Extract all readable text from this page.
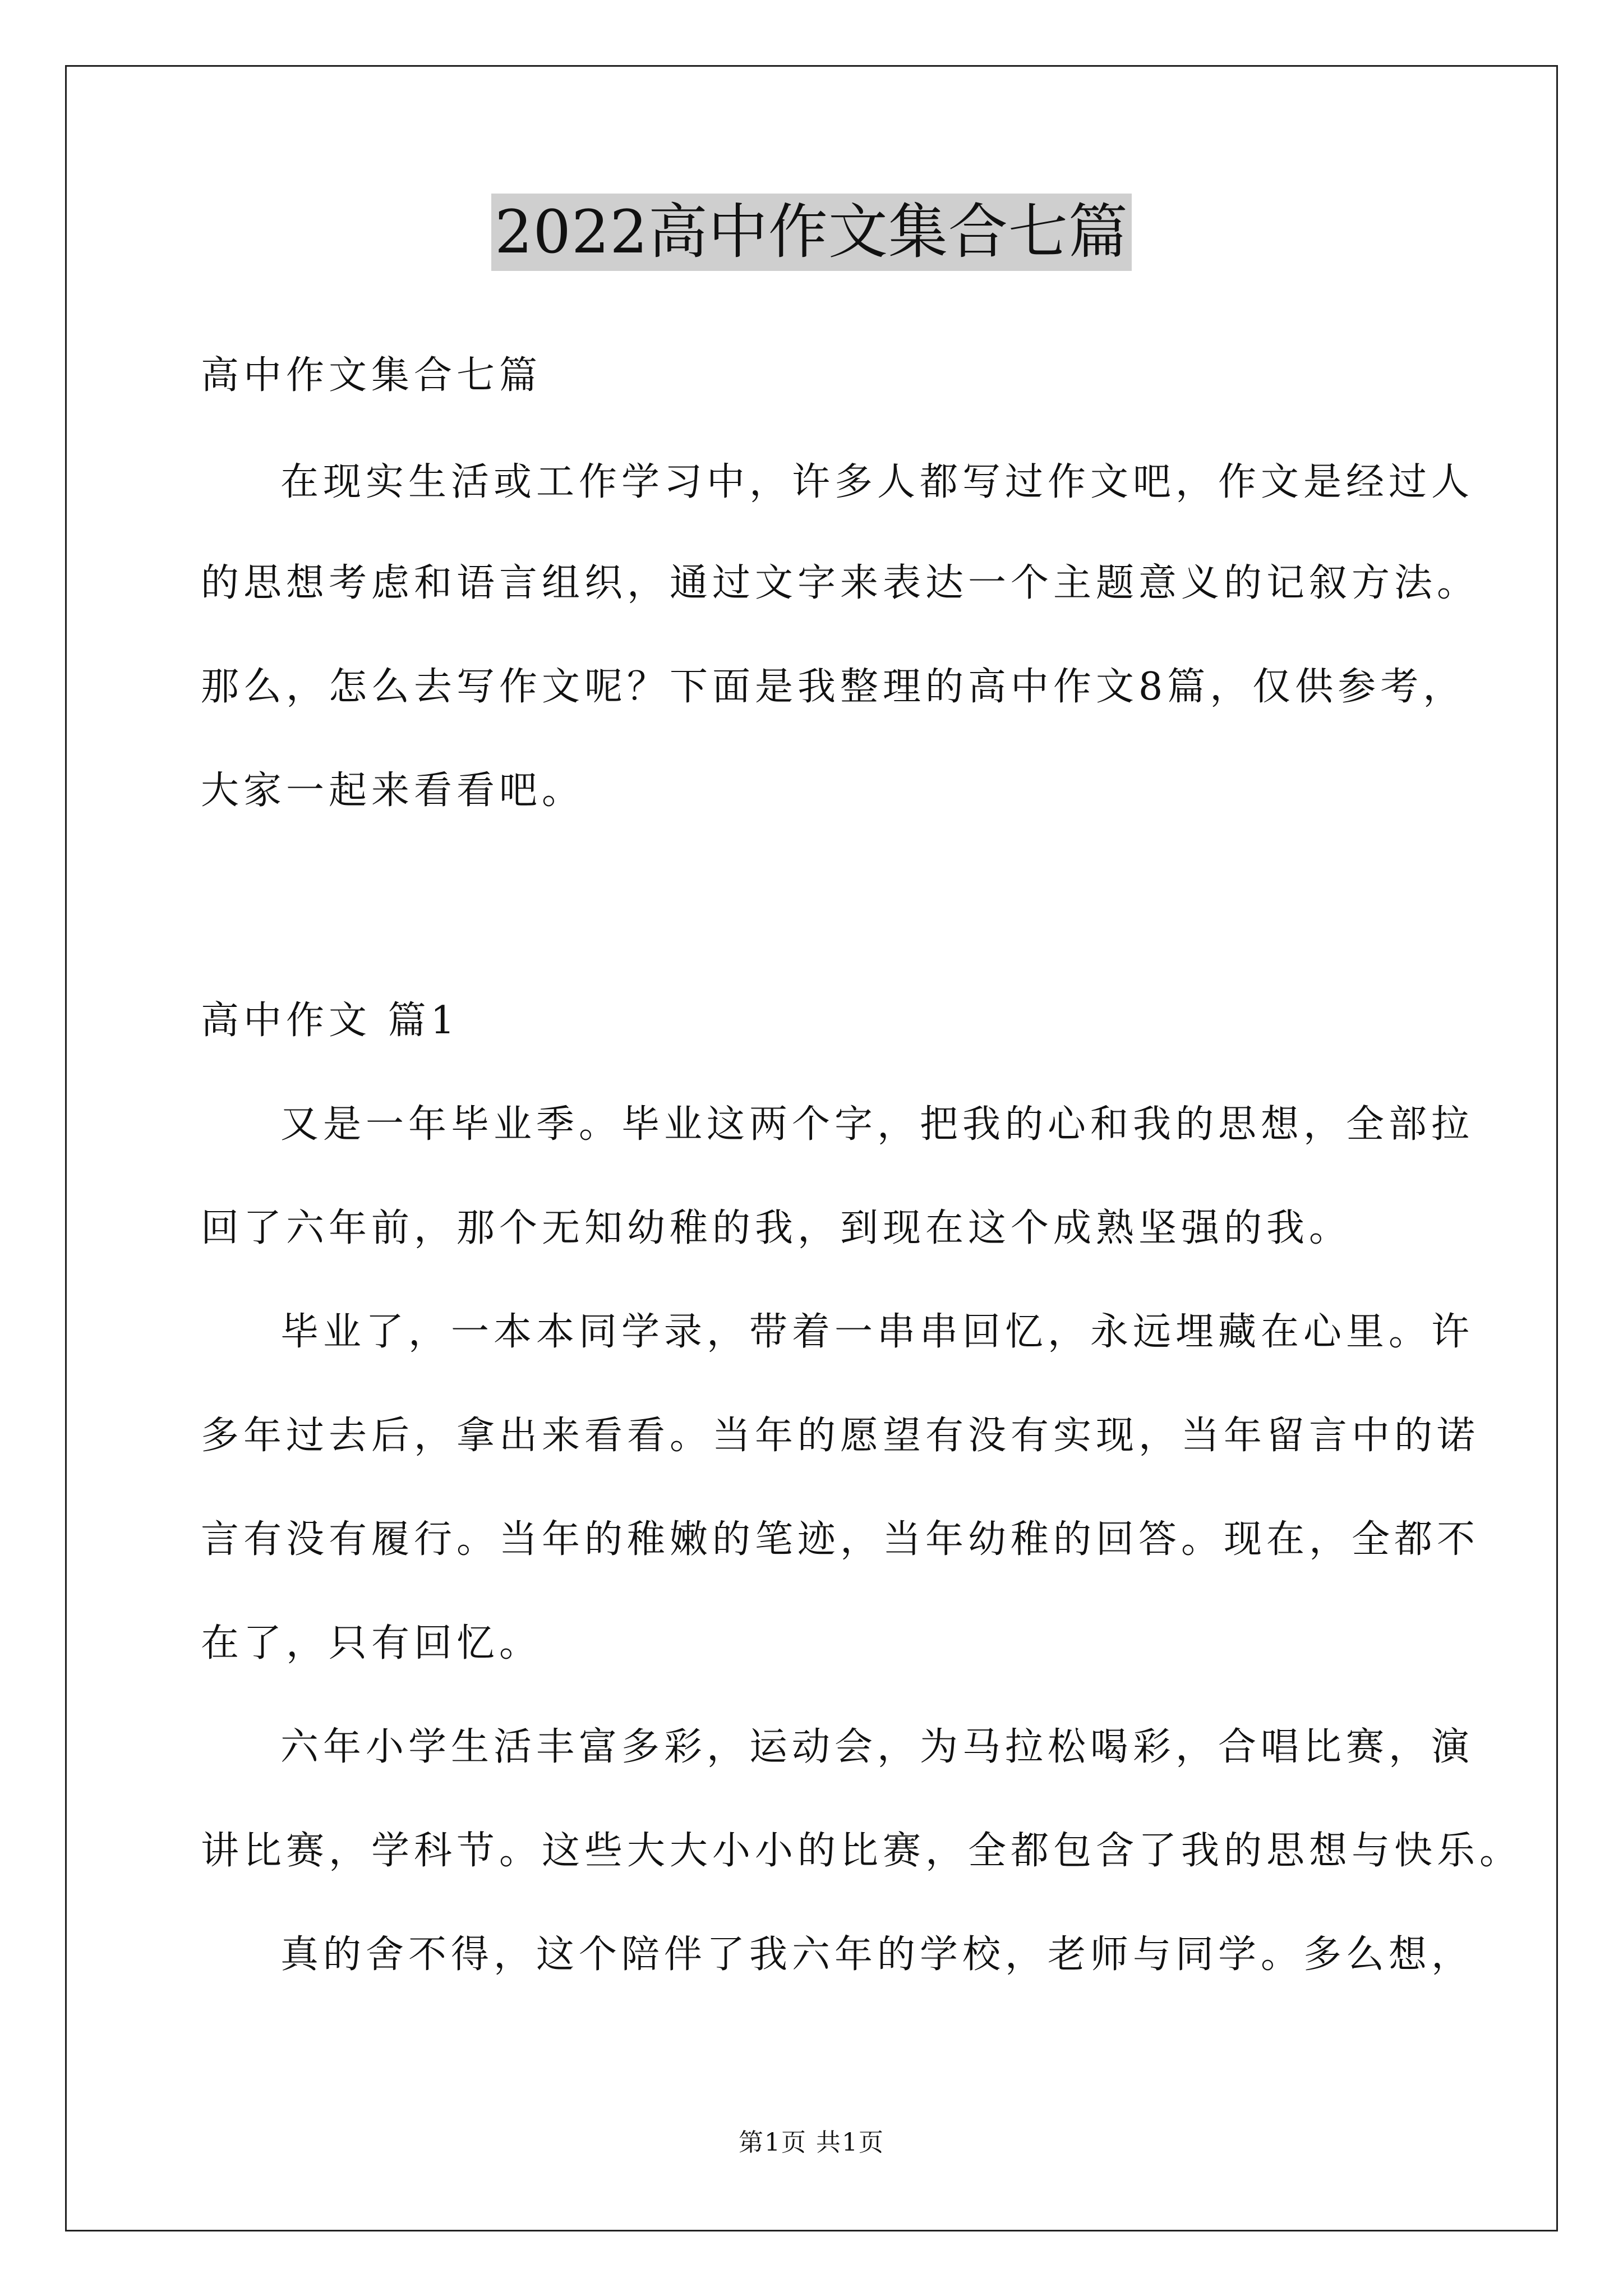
2022高中作文集合七篇
高中作文集合七篇
在现实生活或工作学习中，许多人都写过作文吧，作文是经过人
的思想考虑和语言组织，通过文字来表达一个主题意义的记叙方法。
那么，怎么去写作文呢？下面是我整理的高中作文8篇，仅供参考，
大家一起来看看吧。
高中作文 篇1
又是一年毕业季。毕业这两个字，把我的心和我的思想，全部拉
回了六年前，那个无知幼稚的我，到现在这个成熟坚强的我。
毕业了，一本本同学录，带着一串串回忆，永远埋藏在心里。许
多年过去后，拿出来看看。当年的愿望有没有实现，当年留言中的诺
言有没有履行。当年的稚嫩的笔迹，当年幼稚的回答。现在，全都不
在了，只有回忆。
六年小学生活丰富多彩，运动会，为马拉松喝彩，合唱比赛，演
讲比赛，学科节。这些大大小小的比赛，全都包含了我的思想与快乐。
真的舍不得，这个陪伴了我六年的学校，老师与同学。多么想，
第1页 共1页
